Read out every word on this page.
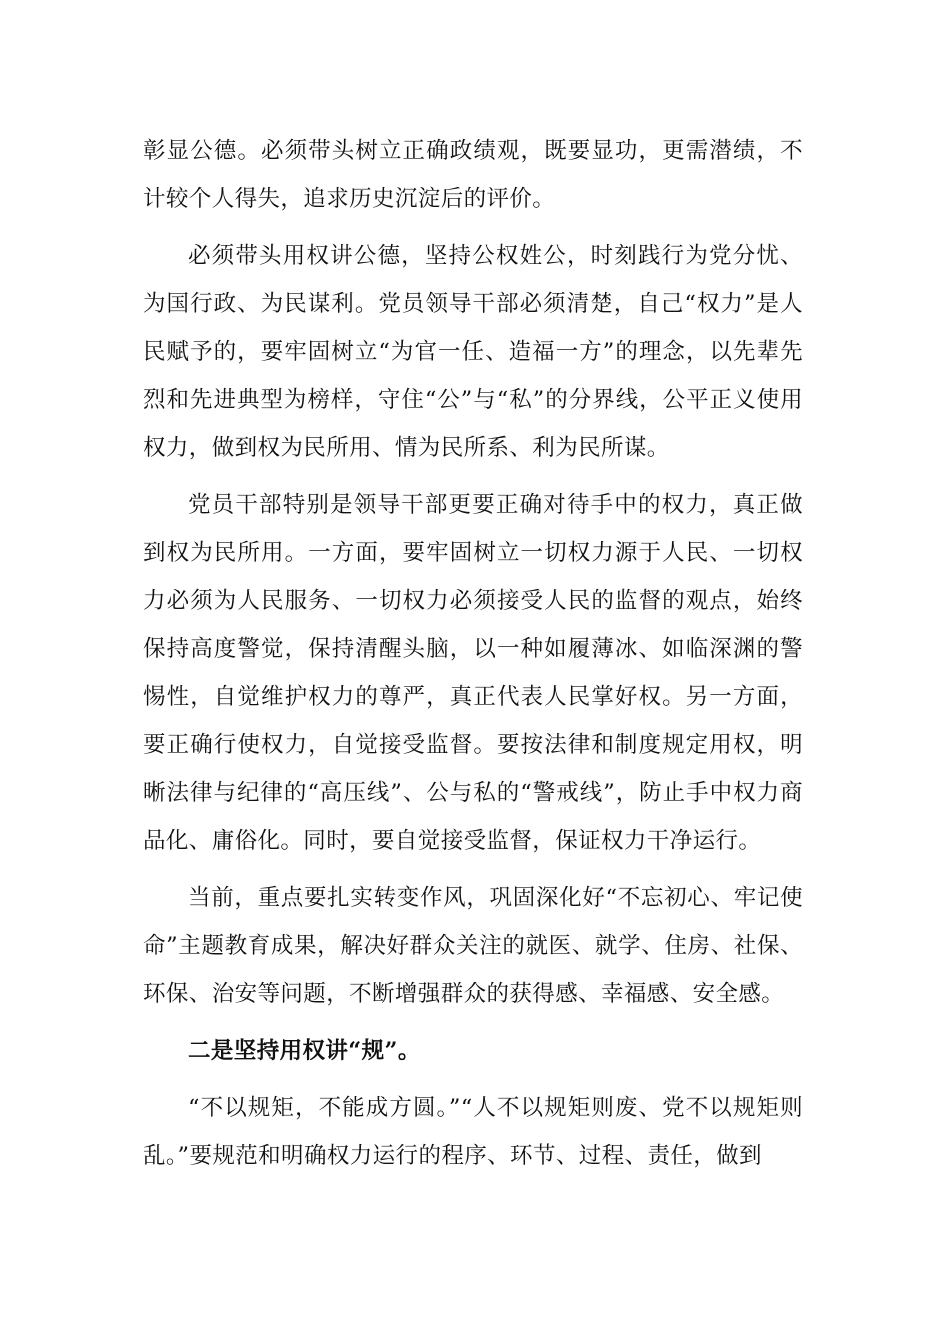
彰显公德。必须带头树立正确政绩观，既要显功，更需潜绩，不计较个人得失，追求历史沉淀后的评价。

必须带头用权讲公德，坚持公权姓公，时刻践行为党分忧、为国行政、为民谋利。党员领导干部必须清楚，自己“权力”是人民赋予的，要牢固树立“为官一任、造福一方”的理念，以先辈先烈和先进典型为榜样，守住“公”与“私”的分界线，公平正义使用权力，做到权为民所用、情为民所系、利为民所谋。

党员干部特别是领导干部更要正确对待手中的权力，真正做到权为民所用。一方面，要牢固树立一切权力源于人民、一切权力必须为人民服务、一切权力必须接受人民的监督的观点，始终保持高度警觉，保持清醒头脑，以一种如履薄冰、如临深渊的警惕性，自觉维护权力的尊严，真正代表人民掌好权。另一方面，要正确行使权力，自觉接受监督。要按法律和制度规定用权，明晰法律与纪律的“高压线”、公与私的“警戒线”，防止手中权力商品化、庸俗化。同时，要自觉接受监督，保证权力干净运行。

当前，重点要扎实转变作风，巩固深化好“不忘初心、牢记使命”主题教育成果，解决好群众关注的就医、就学、住房、社保、环保、治安等问题，不断增强群众的获得感、幸福感、安全感。

二是坚持用权讲“规”。

“不以规矩，不能成方圆。”“人不以规矩则废、党不以规矩则乱。”要规范和明确权力运行的程序、环节、过程、责任，做到
